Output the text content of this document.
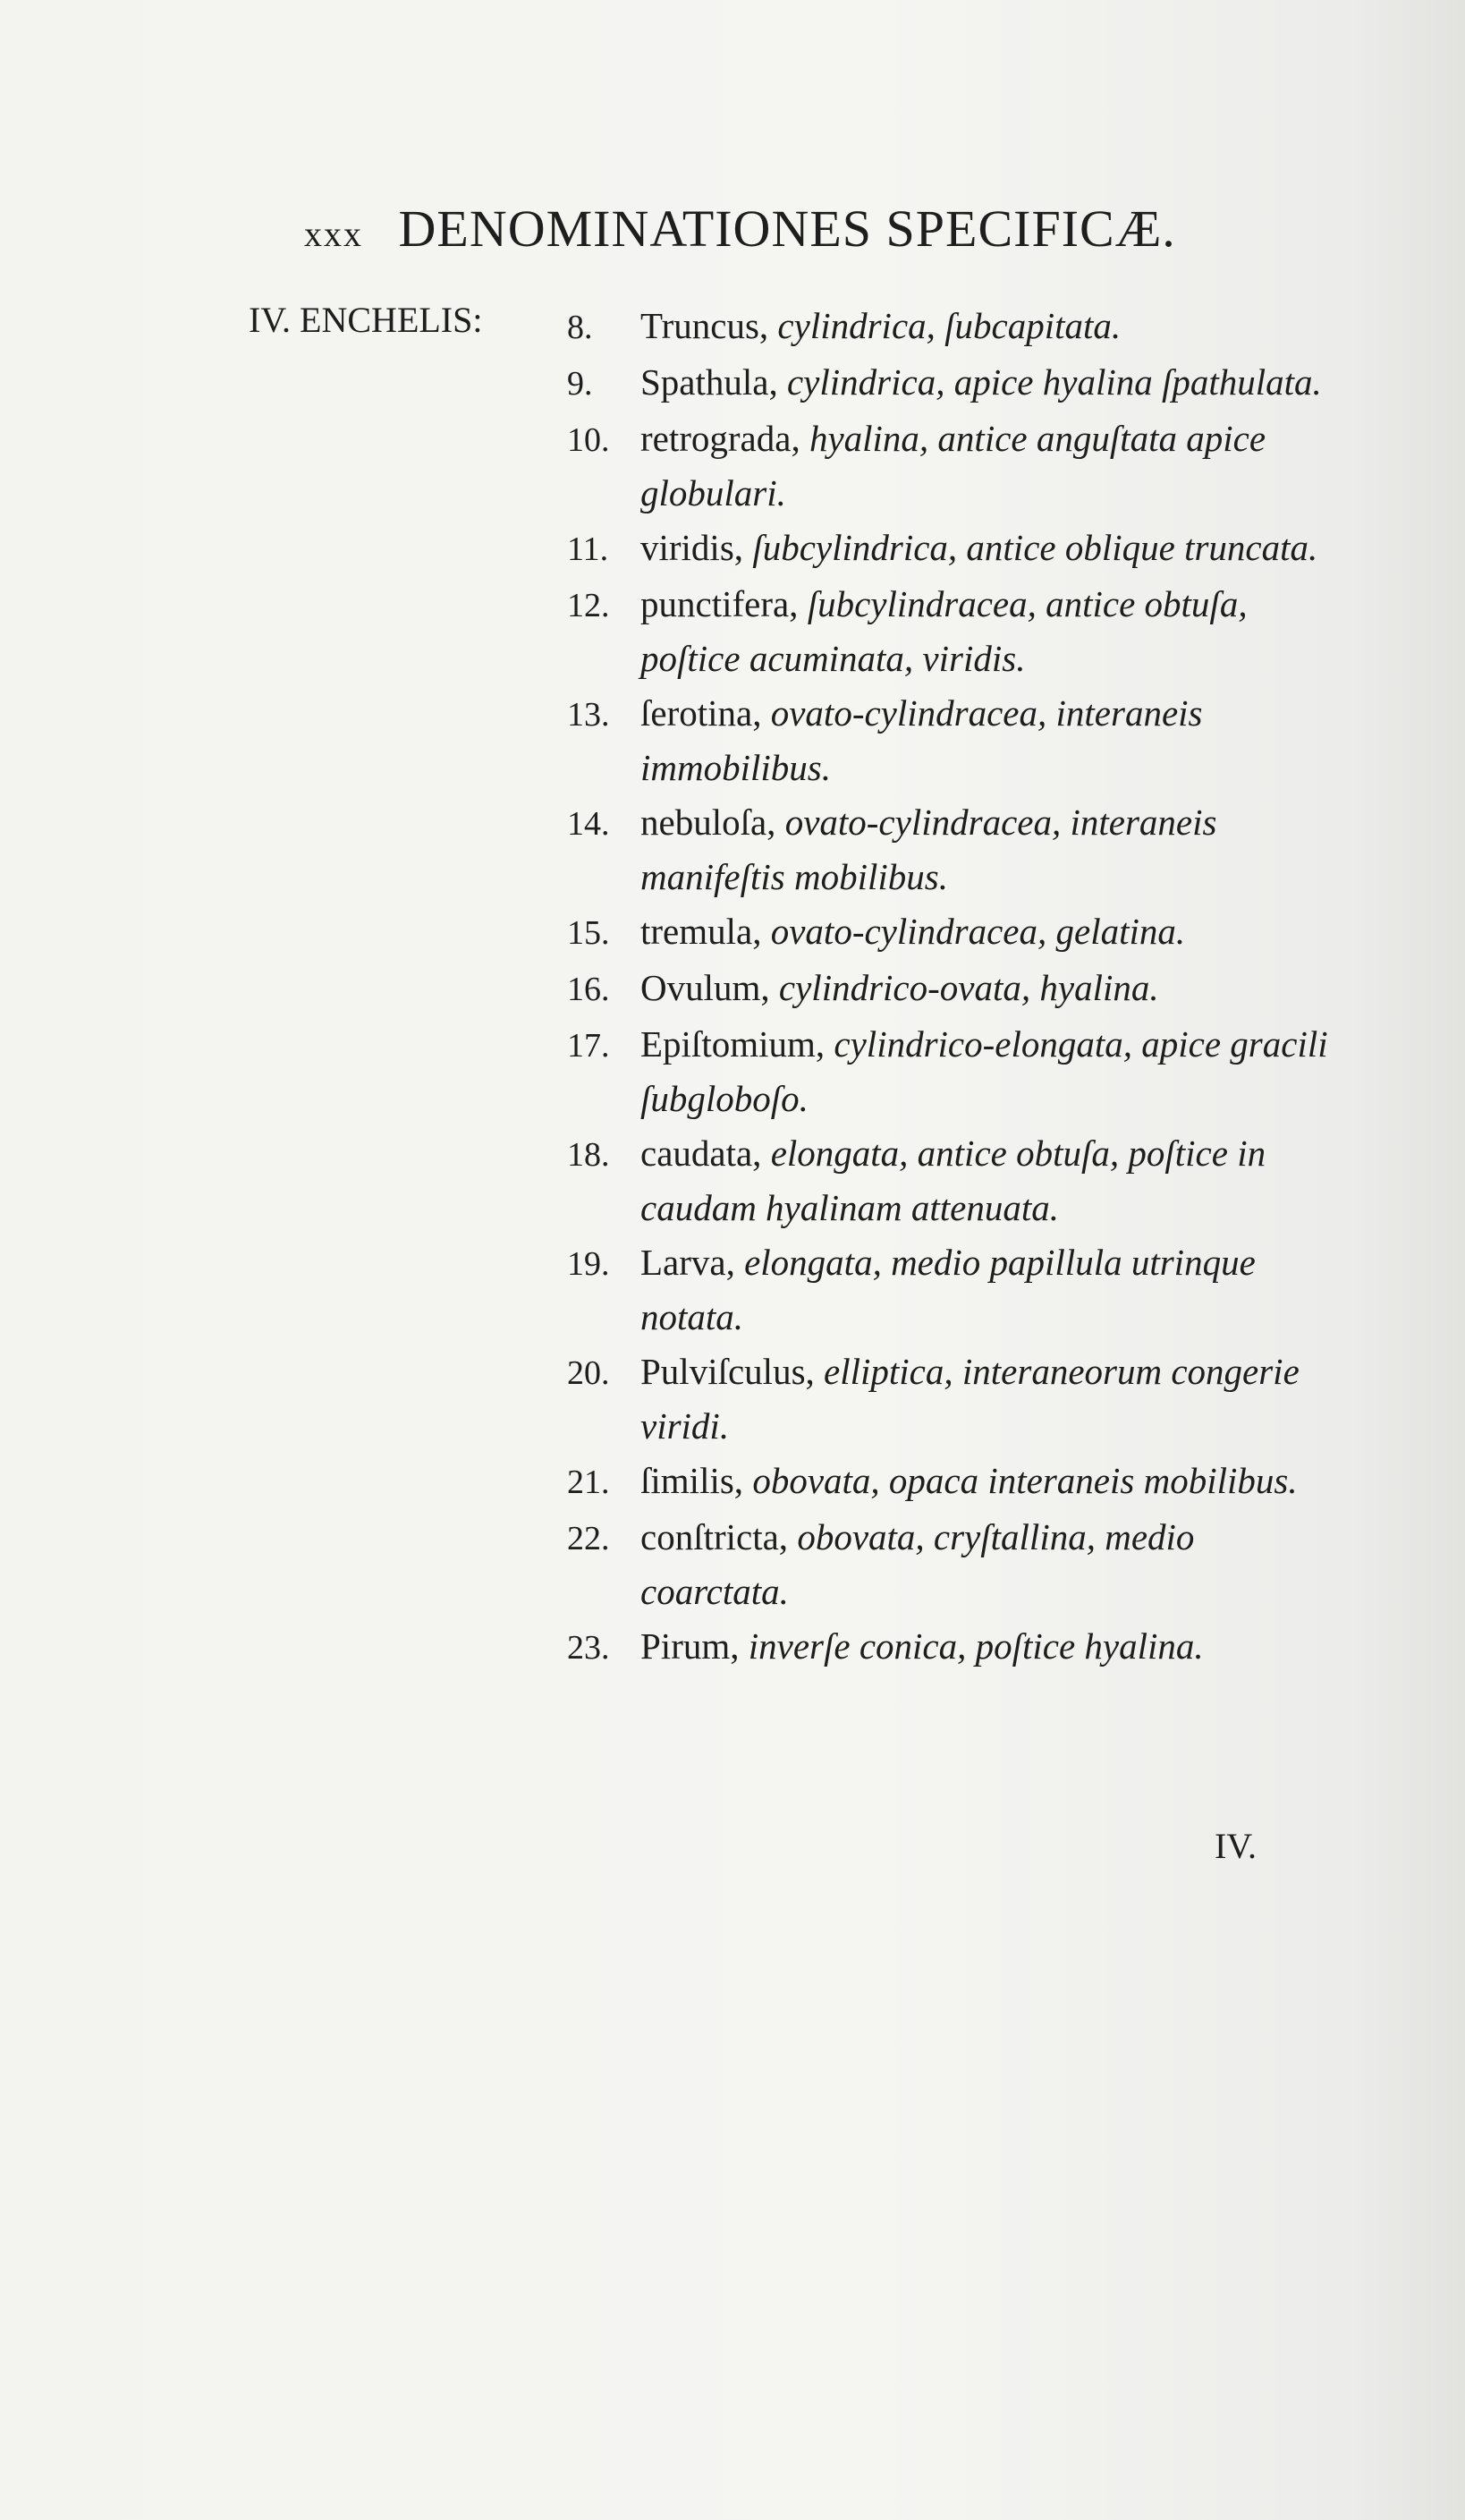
xxx DENOMINATIONES SPECIFICÆ.
IV. ENCHELIS: 8.	Truncus, cylindrica, ſubcapitata.
9.	Spathula, cylindrica, apice hyalina ſpathulata.
10. retrograda, hyalina, antice anguſtata apice globulari.
11. viridis, ſubcylindrica, antice oblique truncata.
12. punctifera, ſubcylindracea, antice obtuſa, poſtice acuminata, viridis.
13. ſerotina, ovato-cylindracea, interaneis immobilibus.
14. nebuloſa, ovato-cylindracea, interaneis manifeſtis mobilibus.
15. tremula, ovato-cylindracea, gelatina.
16. Ovulum, cylindrico-ovata, hyalina.
17. Epiſtomium, cylindrico-elongata, apice gracili ſubgloboſo.
18. caudata, elongata, antice obtuſa, poſtice in caudam hyalinam attenuata.
19. Larva, elongata, medio papillula utrinque notata.
20. Pulviſculus, elliptica, interaneorum congerie viridi.
21. ſimilis, obovata, opaca interaneis mobilibus.
22. conſtricta, obovata, cryſtallina, medio coarctata.
23. Pirum, inverſe conica, poſtice hyalina.
IV.
